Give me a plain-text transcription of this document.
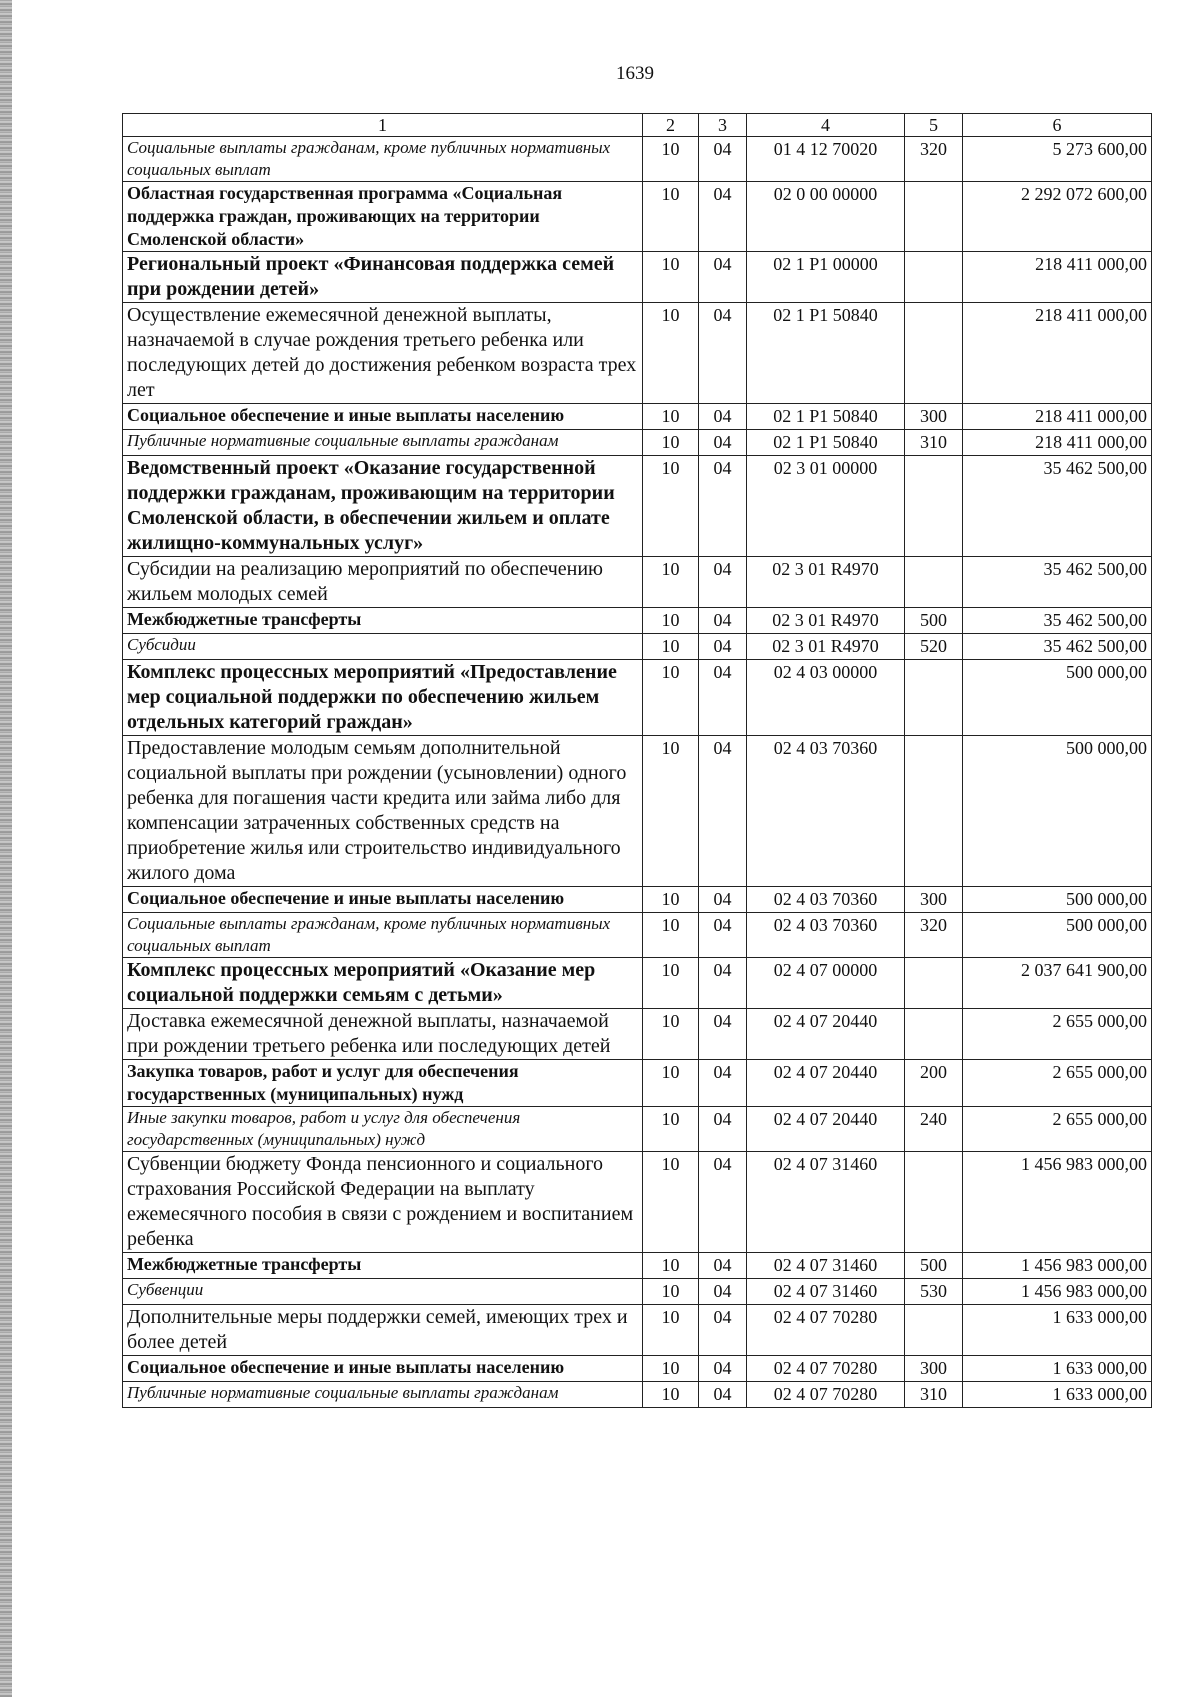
1639
1	2	3	4	5	6
Социальные выплаты гражданам, кроме публичных нормативных социальных выплат	10	04	01 4 12 70020	320	5 273 600,00
Областная государственная программа «Социальная поддержка граждан, проживающих на территории Смоленской области»	10	04	02 0 00 00000		2 292 072 600,00
Региональный проект «Финансовая поддержка семей при рождении детей»	10	04	02 1 P1 00000		218 411 000,00
Осуществление ежемесячной денежной выплаты, назначаемой в случае рождения третьего ребенка или последующих детей до достижения ребенком возраста трех лет	10	04	02 1 P1 50840		218 411 000,00
Социальное обеспечение и иные выплаты населению	10	04	02 1 P1 50840	300	218 411 000,00
Публичные нормативные социальные выплаты гражданам	10	04	02 1 P1 50840	310	218 411 000,00
Ведомственный проект «Оказание государственной поддержки гражданам, проживающим на территории Смоленской области, в обеспечении жильем и оплате жилищно-коммунальных услуг»	10	04	02 3 01 00000		35 462 500,00
Субсидии на реализацию мероприятий по обеспечению жильем молодых семей	10	04	02 3 01 R4970		35 462 500,00
Межбюджетные трансферты	10	04	02 3 01 R4970	500	35 462 500,00
Субсидии	10	04	02 3 01 R4970	520	35 462 500,00
Комплекс процессных мероприятий «Предоставление мер социальной поддержки по обеспечению жильем отдельных категорий граждан»	10	04	02 4 03 00000		500 000,00
Предоставление молодым семьям дополнительной социальной выплаты при рождении (усыновлении) одного ребенка для погашения части кредита или займа либо для компенсации затраченных собственных средств на приобретение жилья или строительство индивидуального жилого дома	10	04	02 4 03 70360		500 000,00
Социальное обеспечение и иные выплаты населению	10	04	02 4 03 70360	300	500 000,00
Социальные выплаты гражданам, кроме публичных нормативных социальных выплат	10	04	02 4 03 70360	320	500 000,00
Комплекс процессных мероприятий «Оказание мер социальной поддержки семьям с детьми»	10	04	02 4 07 00000		2 037 641 900,00
Доставка ежемесячной денежной выплаты, назначаемой при рождении третьего ребенка или последующих детей	10	04	02 4 07 20440		2 655 000,00
Закупка товаров, работ и услуг для обеспечения государственных (муниципальных) нужд	10	04	02 4 07 20440	200	2 655 000,00
Иные закупки товаров, работ и услуг для обеспечения государственных (муниципальных) нужд	10	04	02 4 07 20440	240	2 655 000,00
Субвенции бюджету Фонда пенсионного и социального страхования Российской Федерации на выплату ежемесячного пособия в связи с рождением и воспитанием ребенка	10	04	02 4 07 31460		1 456 983 000,00
Межбюджетные трансферты	10	04	02 4 07 31460	500	1 456 983 000,00
Субвенции	10	04	02 4 07 31460	530	1 456 983 000,00
Дополнительные меры поддержки семей, имеющих трех и более детей	10	04	02 4 07 70280		1 633 000,00
Социальное обеспечение и иные выплаты населению	10	04	02 4 07 70280	300	1 633 000,00
Публичные нормативные социальные выплаты гражданам	10	04	02 4 07 70280	310	1 633 000,00
